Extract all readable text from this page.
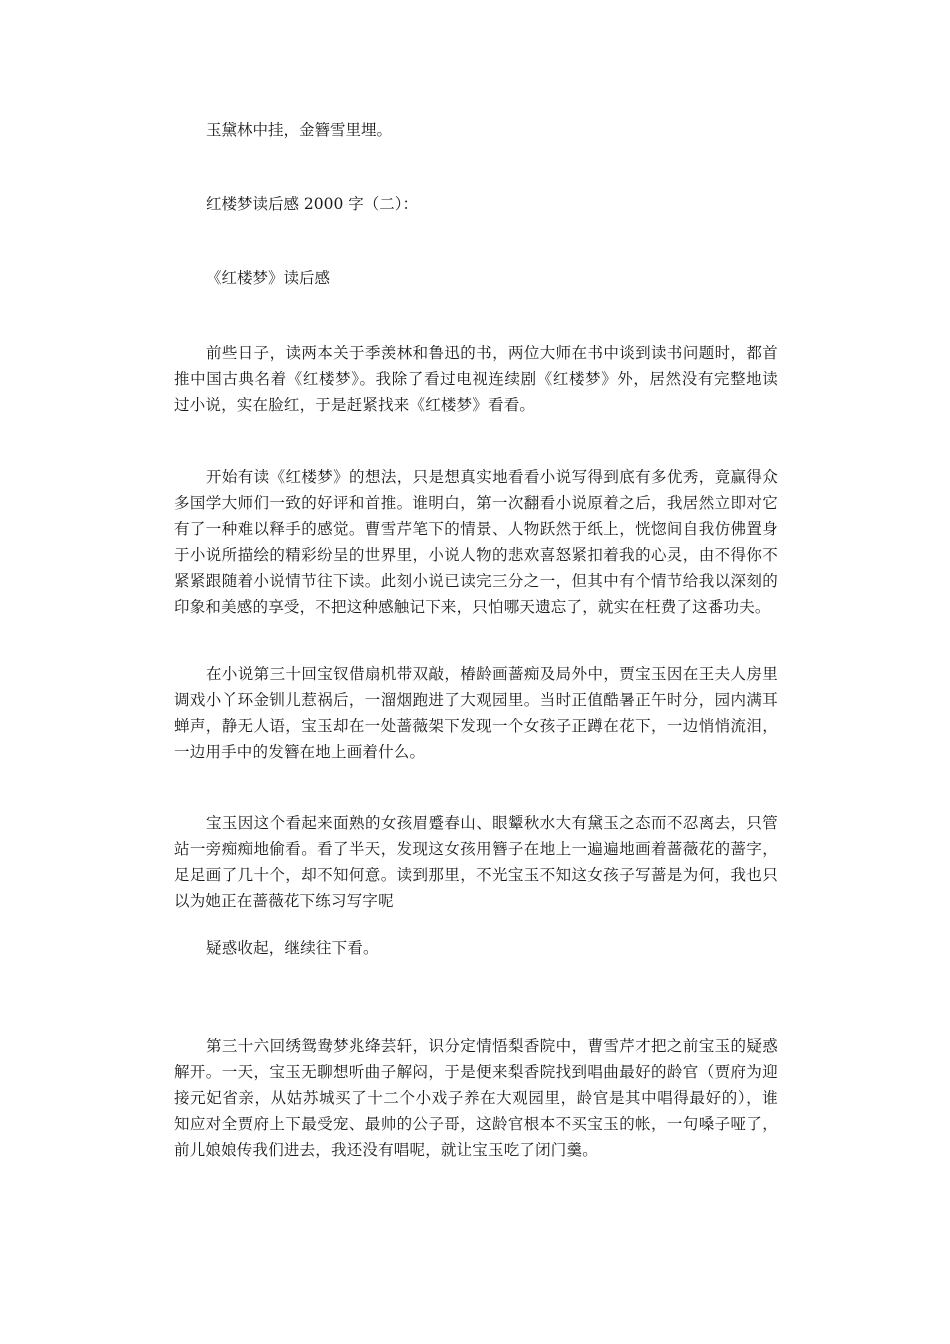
玉黛林中挂，金簪雪里埋。
红楼梦读后感 2000 字（二）：
《红楼梦》读后感
前些日子，读两本关于季羡林和鲁迅的书，两位大师在书中谈到读书问题时，都首推中国古典名着《红楼梦》。我除了看过电视连续剧《红楼梦》外，居然没有完整地读过小说，实在脸红，于是赶紧找来《红楼梦》看看。
开始有读《红楼梦》的想法，只是想真实地看看小说写得到底有多优秀，竟赢得众多国学大师们一致的好评和首推。谁明白，第一次翻看小说原着之后，我居然立即对它有了一种难以释手的感觉。曹雪芹笔下的情景、人物跃然于纸上，恍惚间自我仿佛置身于小说所描绘的精彩纷呈的世界里，小说人物的悲欢喜怒紧扣着我的心灵，由不得你不紧紧跟随着小说情节往下读。此刻小说已读完三分之一，但其中有个情节给我以深刻的印象和美感的享受，不把这种感触记下来，只怕哪天遗忘了，就实在枉费了这番功夫。
在小说第三十回宝钗借扇机带双敲，椿龄画蔷痴及局外中，贾宝玉因在王夫人房里调戏小丫环金钏儿惹祸后，一溜烟跑进了大观园里。当时正值酷暑正午时分，园内满耳蝉声，静无人语，宝玉却在一处蔷薇架下发现一个女孩子正蹲在花下，一边悄悄流泪，一边用手中的发簪在地上画着什么。
宝玉因这个看起来面熟的女孩眉蹙春山、眼颦秋水大有黛玉之态而不忍离去，只管站一旁痴痴地偷看。看了半天，发现这女孩用簪子在地上一遍遍地画着蔷薇花的蔷字，足足画了几十个，却不知何意。读到那里，不光宝玉不知这女孩子写蔷是为何，我也只以为她正在蔷薇花下练习写字呢
疑惑收起，继续往下看。
第三十六回绣鸳鸯梦兆绛芸轩，识分定情悟梨香院中，曹雪芹才把之前宝玉的疑惑解开。一天，宝玉无聊想听曲子解闷，于是便来梨香院找到唱曲最好的龄官（贾府为迎接元妃省亲，从姑苏城买了十二个小戏子养在大观园里，龄官是其中唱得最好的），谁知应对全贾府上下最受宠、最帅的公子哥，这龄官根本不买宝玉的帐，一句嗓子哑了，前儿娘娘传我们进去，我还没有唱呢，就让宝玉吃了闭门羹。
